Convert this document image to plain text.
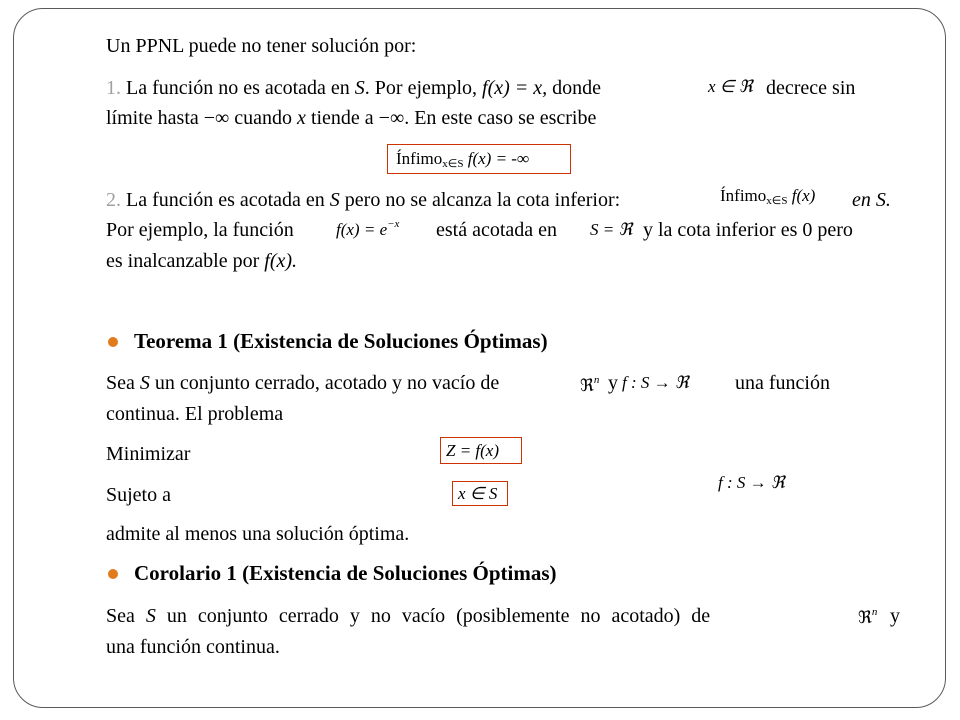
Un PPNL puede no tener solución por:
1. La función no es acotada en S. Por ejemplo, f(x) = x, donde	x ∈ ℜ decrece sin
límite hasta −∞ cuando x tiende a −∞. En este caso se escribe
Ínfimo$_{x\in S}$ f(x) = -∞
2. La función es acotada en S pero no se alcanza la cota inferior:	Ínfimo$_{x\in S}$ f(x) en S.
Por ejemplo, la función $f(x) = e^{-x}$ está acotada en S = ℜ y la cota inferior es 0 pero
es inalcanzable por f(x).
Teorema 1 (Existencia de Soluciones Óptimas)
Sea S un conjunto cerrado, acotado y no vacío de	ℜ$^n$ y f : S → ℜ una función
continua. El problema
Minimizar	Z = f(x)
Sujeto a	x ∈ S
f : S → ℜ
admite al menos una solución óptima.
Corolario 1 (Existencia de Soluciones Óptimas)
Sea S un conjunto cerrado y no vacío (posiblemente no acotado) de	ℜ$^n$ y
una función continua.
